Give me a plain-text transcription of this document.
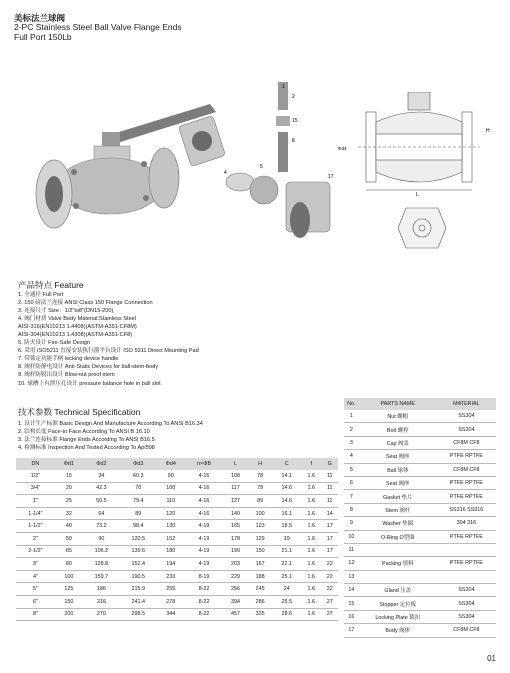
美标法兰球阀
2-PC Stainless Steel Ball Valve Flange Ends
Full Port 150Lb
1
2
15
8
4
5
17
L
Φd4
H
产品特点 Feature
1. 全通径 Full Port
2. 150 磅法兰连接 ANSI Class 150 Flange Connection
3. 连接尺寸 Size：1/2"to8"(DN15-200)
4. 阀门材质 Valve Body Material:Stainless Steel
AISI-316(EN10213 1.4408)(ASTM-A351-CF8M)
AISI-304(EN10213 1.4308)(ASTM-A351-CF8)
5. 防火设计 Fire-Safe Design
6. 采用 ISO5211 直接安装执行器平台设计 ISO 5211 Direct Mounting Pad
7. 带锁定功能手柄 locking device handle
8. 阀杆防静电设计 Anti-Static Devices for ball-stem-body
9. 阀杆防脱出设计 Blow-out proof stem
10. 球槽上有泄压孔设计 pressure balance hole in ball slot
技术参数 Technical Specification
1. 设计生产标准 Basic Design And Manufacture According To ANSI B16.34
2. 结构长度 Face-to Face According To ANSI B 16.10
3. 法兰连接标准 Flange Ends According To ANSI B16.5
4. 检测标准 Inspection And Tested According To Api598
DN	Φd1	Φd2	Φd3	Φd4	n×ΦB	L	H	C	f	G
1/2"	15	34	60.3	90	4-16	108	78	14.1	1.6	11
3/4"	20	42.3	70	100	4-16	117	79	14.6	1.6	11
1"	25	50.5	79.4	110	4-16	127	89	14.6	1.6	11
1-1/4"	32	64	89	120	4-16	140	100	16.1	1.6	14
1-1/2"	40	73.2	98.4	130	4-19	165	123	18.5	1.6	17
2"	50	90	120.5	152	4-19	178	129	19	1.6	17
2-1/2"	65	106.2	139.6	180	4-19	190	150	21.1	1.6	17
3"	80	128.8	152.4	194	4-19	203	167	22.1	1.6	22
4"	100	159.7	190.5	233	8-19	229	188	25.1	1.6	22
5"	125	186	215.9	255	8-22	256	245	24	1.6	22
6"	150	216	241.4	278	8-22	394	286	25.5	1.6	27
8"	200	270	298.5	344	8-22	457	325	28.6	1.6	27
No.	PARTS NAME	MATERIAL
1	Nut 螺帽	SS304
2	Bolt 螺栓	SS304
3	Cap 阀盖	CF8M CF8
4	Seat 阀座	PTFE RPTFE
5	Ball 球体	CF8M CF8
6	Seat 阀座	PTFE RPTFE
7	Gasket 垫片	PTFE RPTFE
8	Stem 阀杆	SS316 SS316
9	Washer 垫圈	304 316
10	O-Ring O型圈	PTFE RPTFE
11		
12	Packing 填料	PTFE RPTFE
13		
14	Gland 压盖	SS304
15	Stopper 定位板	SS304
16	Locking Plate 锁扣	SS304
17	Body 阀体	CF8M CF8
01
